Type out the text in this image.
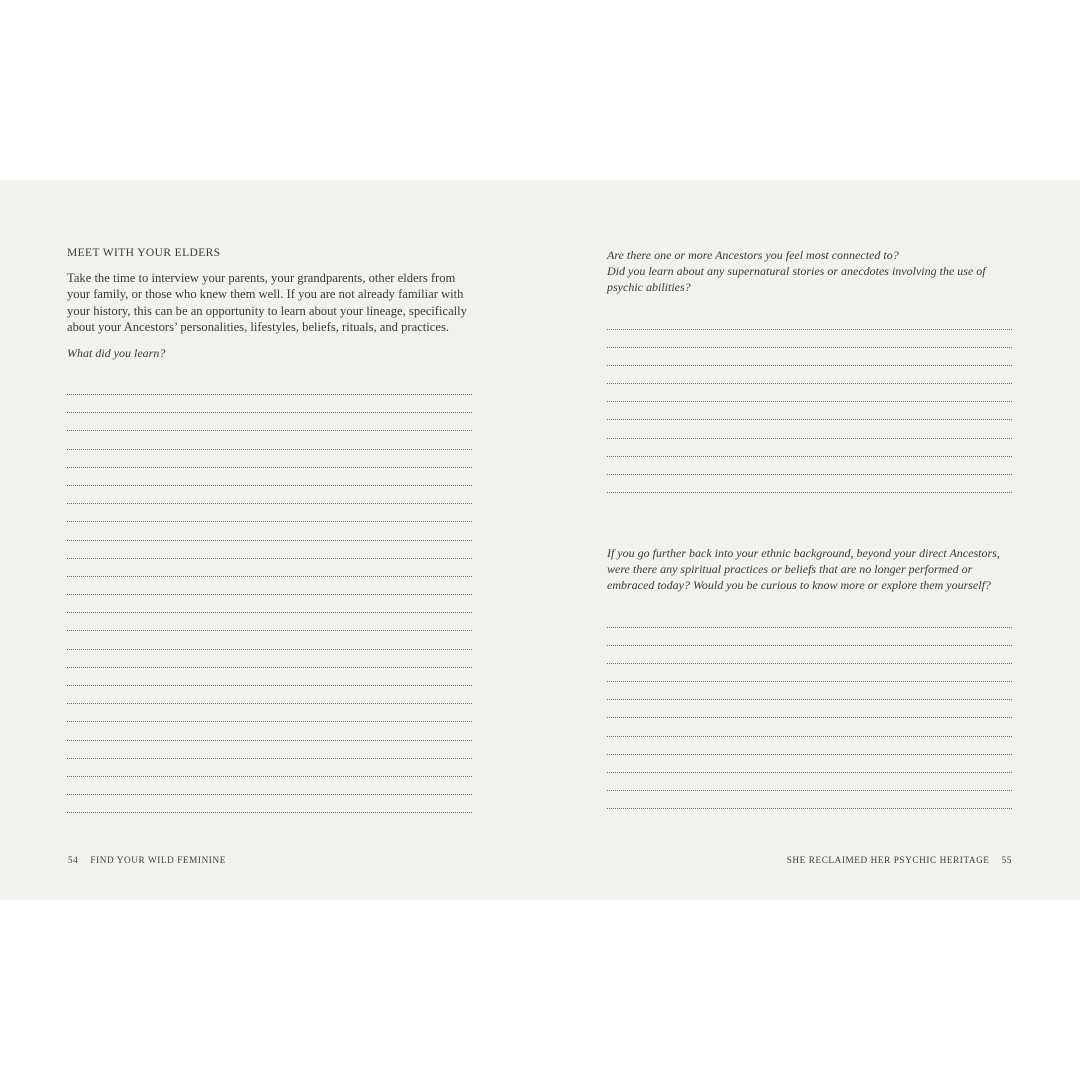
MEET WITH YOUR ELDERS
Take the time to interview your parents, your grandparents, other elders from your family, or those who knew them well. If you are not already familiar with your history, this can be an opportunity to learn about your lineage, specifically about your Ancestors’ personalities, lifestyles, beliefs, rituals, and practices.
What did you learn?
54 FIND YOUR WILD FEMININE

Are there one or more Ancestors you feel most connected to?

Did you learn about any supernatural stories or anecdotes involving the use of psychic abilities?

If you go further back into your ethnic background, beyond your direct Ancestors, were there any spiritual practices or beliefs that are no longer performed or embraced today? Would you be curious to know more or explore them yourself?
SHE RECLAIMED HER PSYCHIC HERITAGE 55
